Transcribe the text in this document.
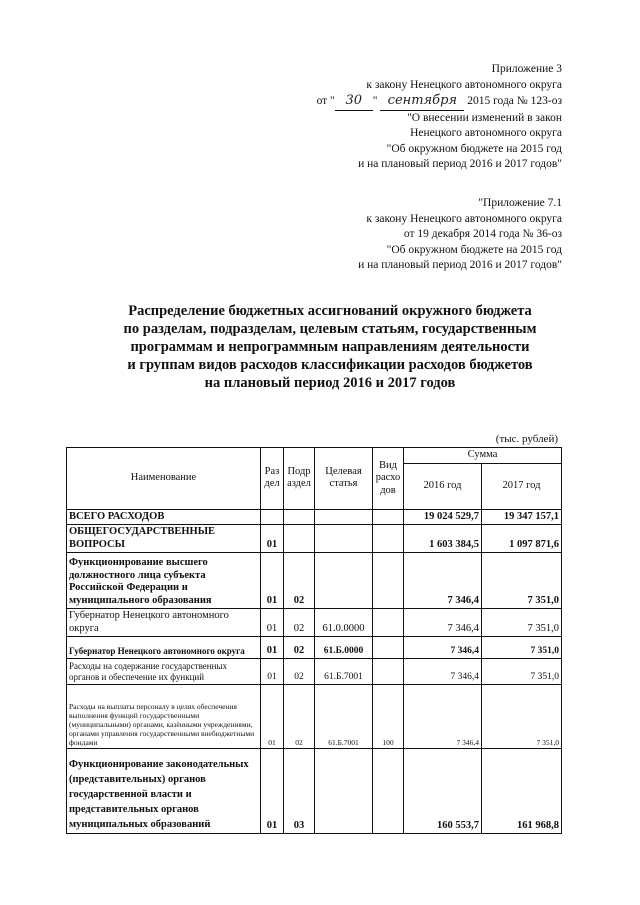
Приложение 3
к закону Ненецкого автономного округа
от " 30 " сентября 2015 года № 123-оз
"О внесении изменений в закон
Ненецкого автономного округа
"Об окружном бюджете на 2015 год
и на плановый период 2016 и 2017 годов"
"Приложение 7.1
к закону Ненецкого автономного округа
от 19 декабря 2014 года № 36-оз
"Об окружном бюджете на 2015 год
и на плановый период 2016 и 2017 годов"
Распределение бюджетных ассигнований окружного бюджета
по разделам, подразделам, целевым статьям, государственным
программам и непрограммным направлениям деятельности
и группам видов расходов классификации расходов бюджетов
на плановый период 2016 и 2017 годов
(тыс. рублей)
Наименование	Раз дел	Подр аздел	Целевая статья	Вид расхо дов	Сумма	
					2016 год	2017 год
ВСЕГО РАСХОДОВ					19 024 529,7	19 347 157,1
ОБЩЕГОСУДАРСТВЕННЫЕ ВОПРОСЫ	01				1 603 384,5	1 097 871,6
Функционирование высшего должностного лица субъекта Российской Федерации и муниципального образования	01	02			7 346,4	7 351,0
Губернатор Ненецкого автономного округа	01	02	61.0.0000		7 346,4	7 351,0
Губернатор Ненецкого автономного округа	01	02	61.Б.0000		7 346,4	7 351,0
Расходы на содержание государственных органов и обеспечение их функций	01	02	61.Б.7001		7 346,4	7 351,0
Расходы на выплаты персоналу в целях обеспечения выполнения функций государственными (муниципальными) органами, казёнными учреждениями, органами управления государственными внебюджетными фондами	01	02	61.Б.7001	100	7 346,4	7 351,0
Функционирование законодательных (представительных) органов государственной власти и представительных органов муниципальных образований	01	03			160 553,7	161 968,8
